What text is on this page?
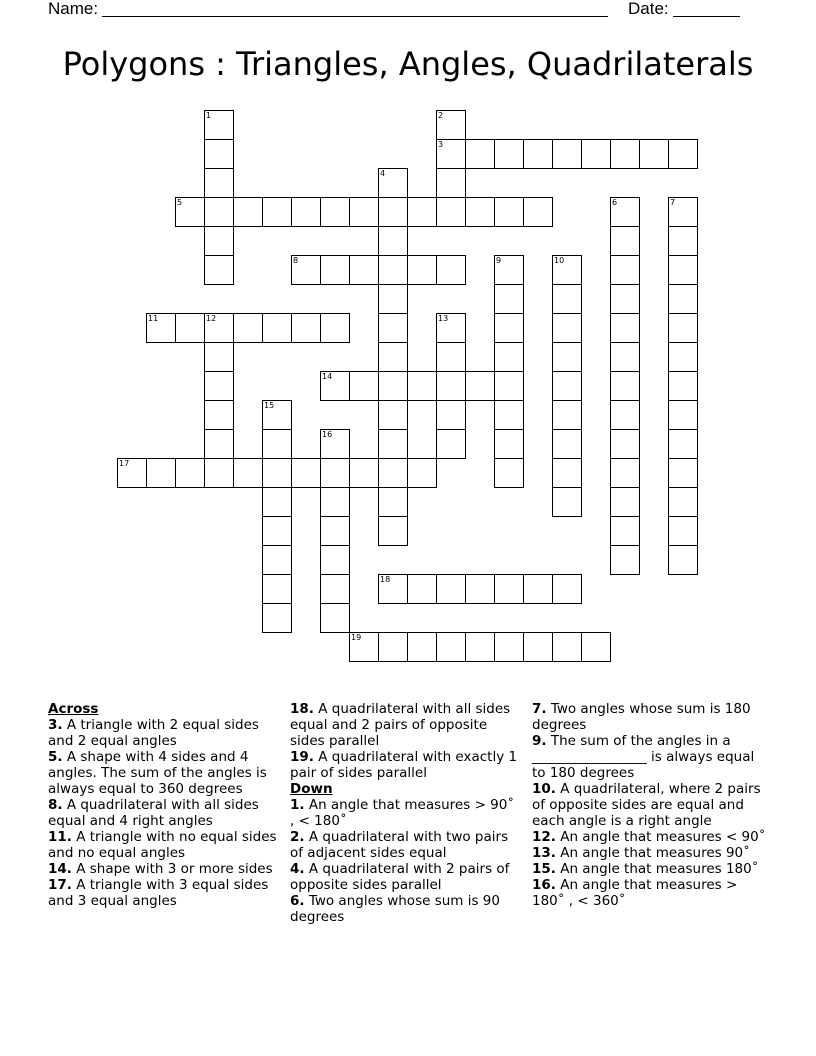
Name:	Date:
Polygons : Triangles, Angles, Quadrilaterals
1	2
3
4
5	6	7
8	9	10
11	12	13
14
15
16
17
18
19

Across

3. A triangle with 2 equal sides and 2 equal angles

5. A shape with 4 sides and 4 angles. The sum of the angles is always equal to 360 degrees

8. A quadrilateral with all sides equal and 4 right angles

11. A triangle with no equal sides and no equal angles

14. A shape with 3 or more sides

17. A triangle with 3 equal sides and 3 equal angles

18. A quadrilateral with all sides equal and 2 pairs of opposite sides parallel

19. A quadrilateral with exactly 1 pair of sides parallel

Down

1. An angle that measures > 90˚ , < 180˚

2. A quadrilateral with two pairs of adjacent sides equal

4. A quadrilateral with 2 pairs of opposite sides parallel

6. Two angles whose sum is 90 degrees

7. Two angles whose sum is 180 degrees

9. The sum of the angles in a _________________ is always equal to 180 degrees

10. A quadrilateral, where 2 pairs of opposite sides are equal and each angle is a right angle

12. An angle that measures < 90˚

13. An angle that measures 90˚

15. An angle that measures 180˚

16. An angle that measures > 180˚ , < 360˚
